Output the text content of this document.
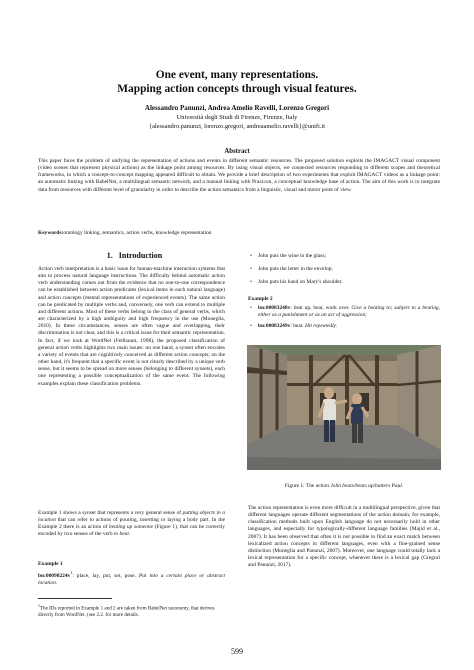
One event, many representations.
Mapping action concepts through visual features.
Alessandro Panunzi, Andrea Amelio Ravelli, Lorenzo Gregori
Università degli Studi di Firenze, Firenze, Italy
{alessandro.panunzi, lorenzo.gregori, andreaamelio.ravelli}@unifi.it
Abstract
This paper faces the problem of unifying the representation of actions and events in different semantic resources. The proposed solution exploits the IMAGACT visual component (video scenes that represent physical actions) as the linkage point among resources. By using visual objects, we connected resources responding to different scopes and theoretical frameworks, in which a concept-to-concept mapping appeared difficult to obtain. We provide a brief description of two experiments that exploit IMAGACT videos as a linkage point: an automatic linking with BabelNet, a multilingual semantic network, and a manual linking with Praxicon, a conceptual knowledge base of action. The aim of this work is to integrate data from resources with different level of granularity in order to describe the action semantics from a linguistic, visual and motor point of view.
Keywords:ontology linking, semantics, action verbs, knowledge representation
1. Introduction
Action verb interpretation is a basic issue for human-machine interaction systems that aim to process natural language instructions. The difficulty behind automatic action verb understanding comes out from the evidence that no one-to-one correspondence can be established between action predicates (lexical items in each natural language) and action concepts (mental representations of experienced events). The same action can be predicated by multiple verbs and, conversely, one verb can extend to multiple and different actions. Most of these verbs belong to the class of general verbs, which are characterized by a high ambiguity and high frequency in the use (Moneglia, 2010). In these circumstances, senses are often vague and overlapping, their discrimination is not clear, and this is a critical issue for their semantic representation. In fact, if we look at WordNet (Fellbaum, 1998), the proposed classification of general action verbs highlights two main issues: on one hand, a synset often encodes a variety of events that are cognitively conceived as different action concepts; on the other hand, it's frequent that a specific event is not clearly described by a unique verb sense, but it seems to be spread on more senses (belonging to different synsets), each one representing a possible conceptualization of the same event. The following examples explain these classification problems.
Example 1 shows a synset that represents a very general sense of putting objects in a location that can refer to actions of pouring, inserting or laying a body part. In the Example 2 there is an action of beating up someone (Figure 1), that can be correctly encoded by two senses of the verb to beat.
Example 1
$bn:00090224v^1$: place, lay, put, set, pose. Put into a certain place or abstract location.
$^1$The IDs reported in Example 1 and 2 are taken from BabelNet taxonomy, that derives directly from WordNet. (see 2.2. for more details.
• John puts the wine in the glass;
• John puts the letter in the envelop;
• John puts his hand on Mary's shoulder.
Example 2
• bn:00083248v: beat up, beat, work over. Give a beating to; subject to a beating, either as a punishment or as an act of aggression;
• bn:00083249v: beat. Hit repeatedly.
Figure 1: The action John beats/beats up/batters Paul.
The action representation is even more difficult in a multilingual perspective, given that different languages operate different segmentations of the action domain; for example, classification methods built upon English language do not necessarily hold in other languages, and especially for typologically-different language families (Majid et al., 2007). It has been observed that often it is not possible to find an exact match between lexicalized action concepts in different languages, even with a fine-grained sense distinction (Moneglia and Panunzi, 2007). Moreover, one language could totally lack a lexical representation for a specific concept, whenever there is a lexical gap (Gregori and Panunzi, 2017).
599
